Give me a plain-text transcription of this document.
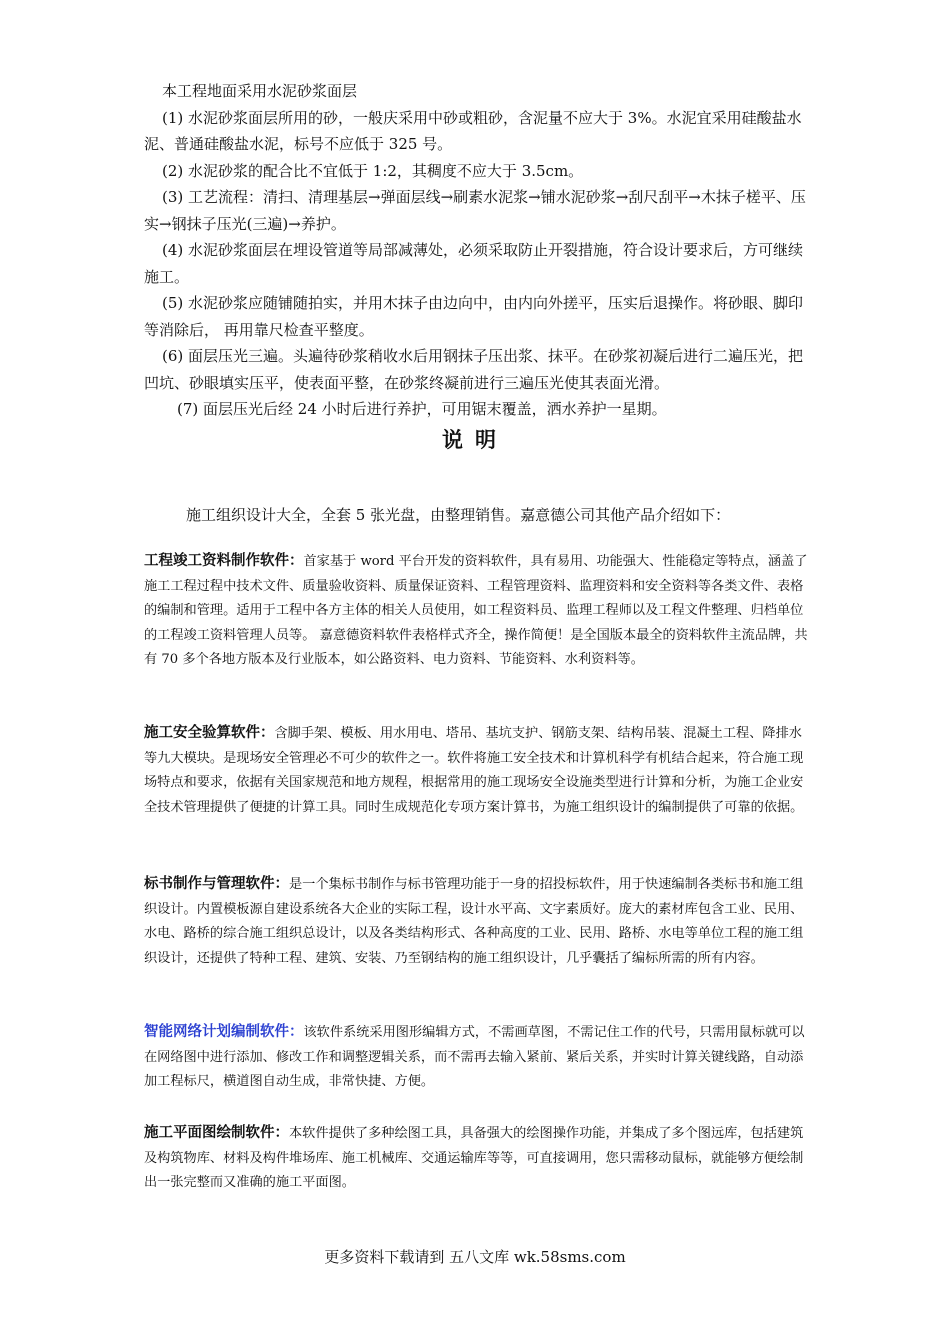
本工程地面采用水泥砂浆面层

(1) 水泥砂浆面层所用的砂，一般庆采用中砂或粗砂，含泥量不应大于 3%。水泥宜采用硅酸盐水泥、普通硅酸盐水泥，标号不应低于 325 号。

(2) 水泥砂浆的配合比不宜低于 1:2，其稠度不应大于 3.5cm。

(3) 工艺流程：清扫、清理基层→弹面层线→刷素水泥浆→铺水泥砂浆→刮尺刮平→木抹子槎平、压实→钢抹子压光(三遍)→养护。

(4) 水泥砂浆面层在埋设管道等局部减薄处，必须采取防止开裂措施，符合设计要求后，方可继续施工。

(5) 水泥砂浆应随铺随拍实，并用木抹子由边向中，由内向外搓平，压实后退操作。将砂眼、脚印等消除后， 再用靠尺检查平整度。

(6) 面层压光三遍。头遍待砂浆稍收水后用钢抹子压出浆、抹平。在砂浆初凝后进行二遍压光，把凹坑、砂眼填实压平，使表面平整，在砂浆终凝前进行三遍压光使其表面光滑。

(7) 面层压光后经 24 小时后进行养护，可用锯末覆盖，洒水养护一星期。

说明
施工组织设计大全，全套 5 张光盘，由整理销售。嘉意德公司其他产品介绍如下：

工程竣工资料制作软件：首家基于 word 平台开发的资料软件，具有易用、功能强大、性能稳定等特点，涵盖了施工工程过程中技术文件、质量验收资料、质量保证资料、工程管理资料、监理资料和安全资料等各类文件、表格的编制和管理。适用于工程中各方主体的相关人员使用，如工程资料员、监理工程师以及工程文件整理、归档单位的工程竣工资料管理人员等。 嘉意德资料软件表格样式齐全，操作简便！是全国版本最全的资料软件主流品牌，共有 70 多个各地方版本及行业版本，如公路资料、电力资料、节能资料、水利资料等。

施工安全验算软件：含脚手架、模板、用水用电、塔吊、基坑支护、钢筋支架、结构吊装、混凝土工程、降排水等九大模块。是现场安全管理必不可少的软件之一。软件将施工安全技术和计算机科学有机结合起来，符合施工现场特点和要求，依据有关国家规范和地方规程，根据常用的施工现场安全设施类型进行计算和分析，为施工企业安全技术管理提供了便捷的计算工具。同时生成规范化专项方案计算书，为施工组织设计的编制提供了可靠的依据。

标书制作与管理软件：是一个集标书制作与标书管理功能于一身的招投标软件，用于快速编制各类标书和施工组织设计。内置模板源自建设系统各大企业的实际工程，设计水平高、文字素质好。庞大的素材库包含工业、民用、水电、路桥的综合施工组织总设计，以及各类结构形式、各种高度的工业、民用、路桥、水电等单位工程的施工组织设计，还提供了特种工程、建筑、安装、乃至钢结构的施工组织设计，几乎囊括了编标所需的所有内容。

智能网络计划编制软件：该软件系统采用图形编辑方式，不需画草图，不需记住工作的代号，只需用鼠标就可以在网络图中进行添加、修改工作和调整逻辑关系，而不需再去输入紧前、紧后关系，并实时计算关键线路，自动添加工程标尺，横道图自动生成，非常快捷、方便。

施工平面图绘制软件：本软件提供了多种绘图工具，具备强大的绘图操作功能，并集成了多个图远库，包括建筑及构筑物库、材料及构件堆场库、施工机械库、交通运输库等等，可直接调用，您只需移动鼠标，就能够方便绘制出一张完整而又准确的施工平面图。

更多资料下载请到 五八文库 wk.58sms.com
